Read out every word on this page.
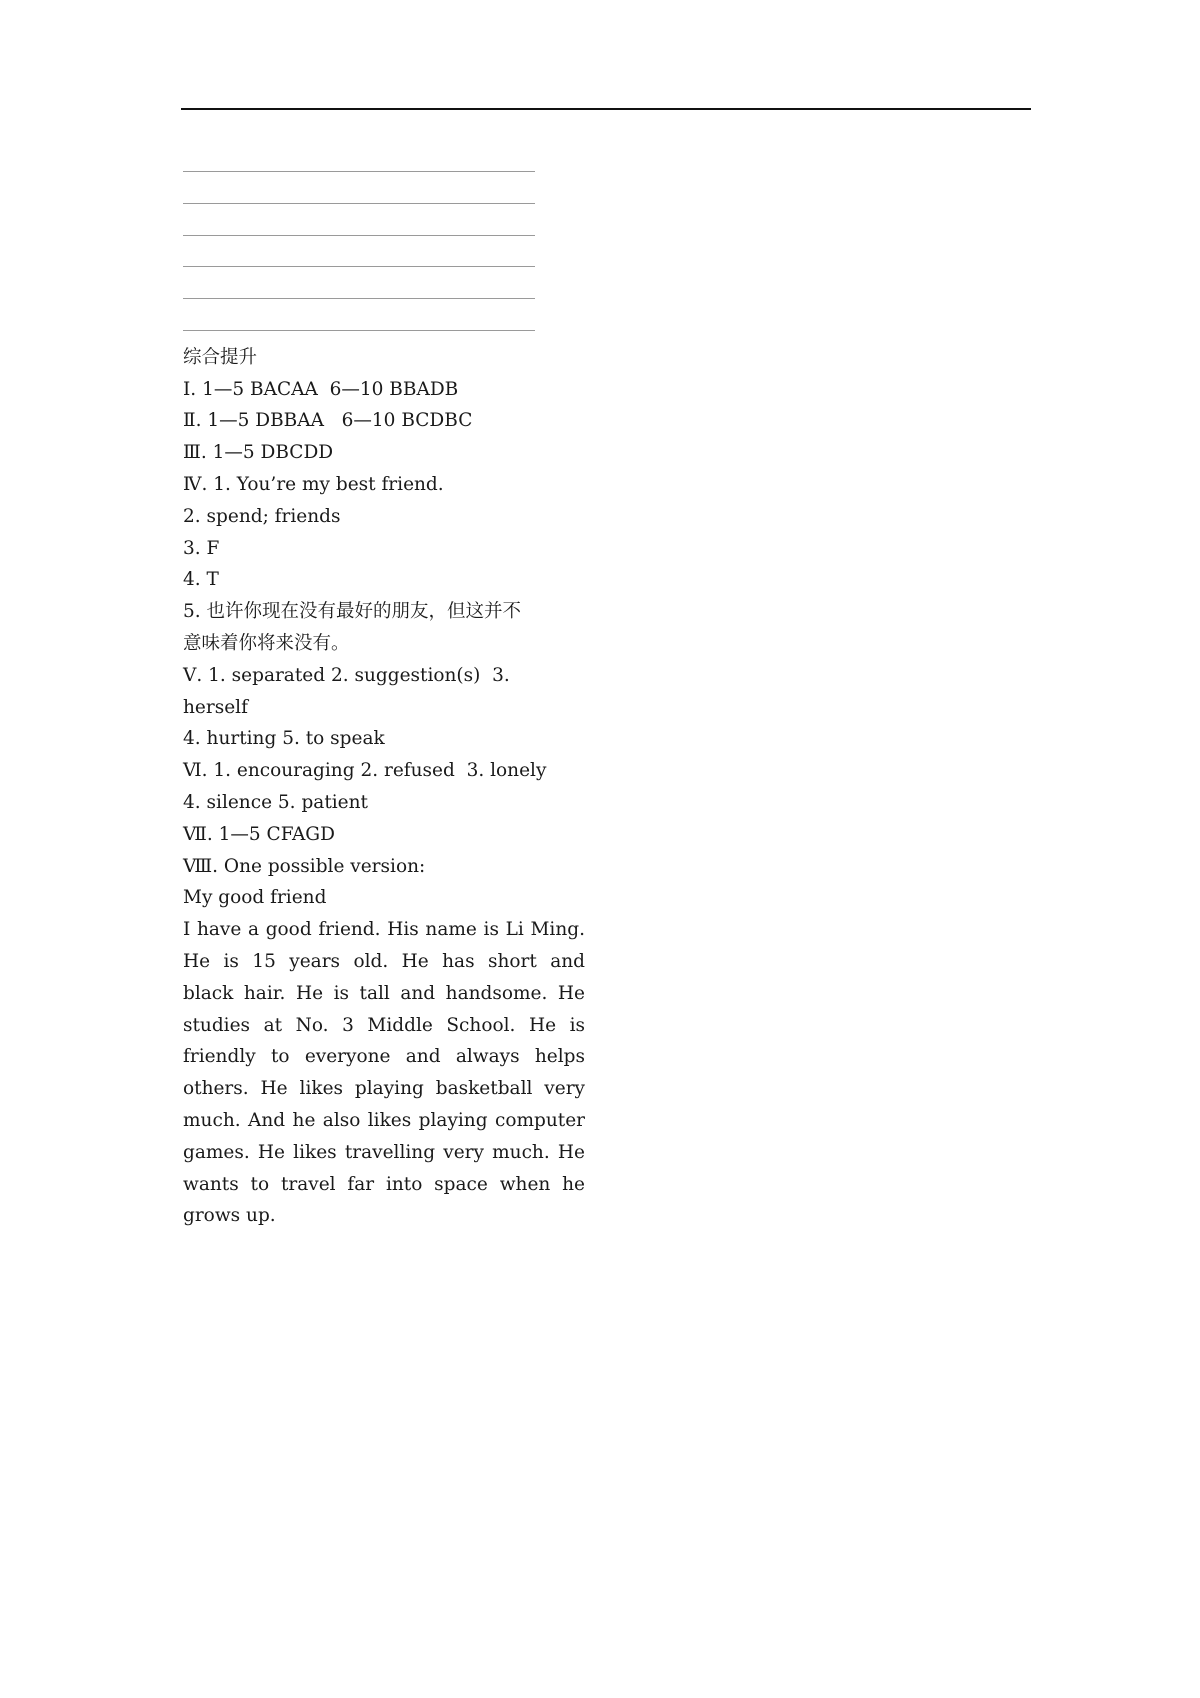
综合提升
Ⅰ. 1—5 BACAA  6—10 BBADB
Ⅱ. 1—5 DBBAA   6—10 BCDBC
Ⅲ. 1—5 DBCDD
Ⅳ. 1. You’re my best friend.
2. spend; friends
3. F
4. T
5. 也许你现在没有最好的朋友，但这并不
意味着你将来没有。
Ⅴ. 1. separated 2. suggestion(s)  3.
herself
4. hurting 5. to speak
Ⅵ. 1. encouraging 2. refused  3. lonely
4. silence 5. patient
Ⅶ. 1—5 CFAGD
Ⅷ. One possible version:
My good friend
I have a good friend. His name is Li Ming.
He is 15 years old. He has short and
black hair. He is tall and handsome. He
studies at No. 3 Middle School. He is
friendly to everyone and always helps
others. He likes playing basketball very
much. And he also likes playing computer
games. He likes travelling very much. He
wants to travel far into space when he
grows up.
